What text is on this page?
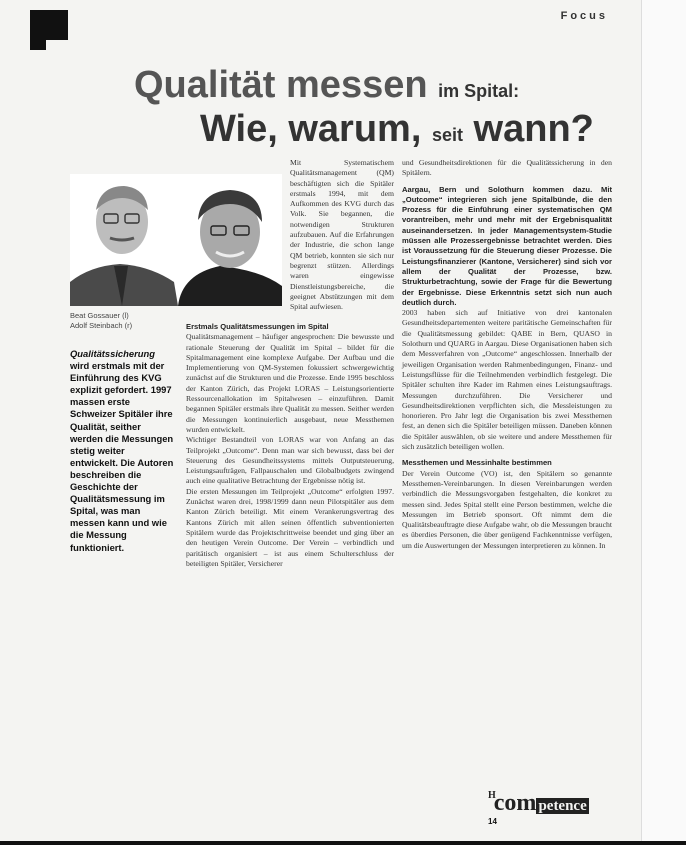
Focus
Qualität messen im Spital:
Wie, warum, seit wann?
Beat Gossauer (l)
Adolf Steinbach (r)
Qualitätssicherung wird erstmals mit der Einführung des KVG explizit gefordert. 1997 massen erste Schweizer Spitäler ihre Qualität, seither werden die Messungen stetig weiter entwickelt. Die Autoren beschreiben die Geschichte der Qualitätsmessung im Spital, was man messen kann und wie die Messung funktioniert.

Mit Systematischem Qualitätsmanagement (QM) beschäftigten sich die Spitäler erstmals 1994, mit dem Aufkommen des KVG durch das Volk. Sie begannen, die notwendigen Strukturen aufzubauen. Auf die Erfahrungen der Industrie, die schon lange QM betrieb, konnten sie sich nur begrenzt stützen. Allerdings waren eingewisse Dienstleistungsbereiche, die geeignet Abstützungen mit dem Spital aufwiesen.

Erstmals Qualitätsmessungen im Spital

Qualitätsmanagement – häufiger angesprochen: Die bewusste und rationale Steuerung der Qualität im Spital – bildet für die Spitalmanagement eine komplexe Aufgabe. Der Aufbau und die Implementierung von QM-Systemen fokussiert schwergewichtig zunächst auf die Strukturen und die Prozesse. Ende 1995 beschloss der Kanton Zürich, das Projekt LORAS – Leistungsorientierte Ressourcenallokation im Spitalwesen – einzuführen. Damit begannen Spitäler erstmals ihre Qualität zu messen. Seither werden die Messungen kontinuierlich ausgebaut, neue Messthemen wurden entwickelt.

Wichtiger Bestandteil von LORAS war von Anfang an das Teilprojekt „Outcome“. Denn man war sich bewusst, dass bei der Steuerung des Gesundheitssystems mittels Outputsteuerung, Leistungsaufträgen, Fallpauschalen und Globalbudgets zwingend auch eine qualitative Betrachtung der Ergebnisse nötig ist.

Die ersten Messungen im Teilprojekt „Outcome“ erfolgten 1997. Zunächst waren drei, 1998/1999 dann neun Pilotspitäler aus dem Kanton Zürich beteiligt. Mit einem Verankerungsvertrag des Kantons Zürich mit allen seinen öffentlich subventionierten Spitälern wurde das Projektschrittweise beendet und ging über an den heutigen Verein Outcome. Der Verein – verbindlich und paritätisch organisiert – ist aus einem Schulterschluss der beteiligten Spitäler, Versicherer

und Gesundheitsdirektionen für die Qualitätssicherung in den Spitälern.

Aargau, Bern und Solothurn kommen dazu. Mit „Outcome“ integrieren sich jene Spitalbünde, die den Prozess für die Einführung einer systematischen QM vorantreiben, mehr und mehr mit der Ergebnisqualität auseinandersetzen. In jeder Managementsystem-Studie müssen alle Prozessergebnisse betrachtet werden. Dies ist Voraussetzung für die Steuerung dieser Prozesse. Die Leistungsfinanzierer (Kantone, Versicherer) sind sich vor allem der Qualität der Prozesse, bzw. Strukturbetrachtung, sowie der Frage für die Bewertung der Ergebnisse. Diese Erkenntnis setzt sich nun auch deutlich durch.

2003 haben sich auf Initiative von drei kantonalen Gesundheitsdepartementen weitere paritätische Gemeinschaften für die Qualitätsmessung gebildet: QABE in Bern, QUASO in Solothurn und QUARG in Aargau. Diese Organisationen haben sich dem Messverfahren von „Outcome“ angeschlossen. Innerhalb der jeweiligen Organisation werden Rahmenbedingungen, Finanz- und Leistungsflüsse für die Teilnehmenden verbindlich festgelegt. Die Spitäler schulten ihre Kader im Rahmen eines Leistungsauftrags. Messungen durchzuführen. Die Versicherer und Gesundheitsdirektionen verpflichten sich, die Messleistungen zu honorieren. Pro Jahr legt die Organisation bis zwei Messthemen fest, an denen sich die Spitäler beteiligen müssen. Daneben können die Spitäler auswählen, ob sie weitere und andere Messthemen für sich zusätzlich beteiligen wollen.

Messthemen und Messinhalte bestimmen

Der Verein Outcome (VO) ist, den Spitälern so genannte Messthemen-Vereinbarungen. In diesen Vereinbarungen werden verbindlich die Messungsvorgaben festgehalten, die konkret zu messen sind. Jedes Spital stellt eine Person bestimmen, welche die Messungen im Betrieb sponsort. Oft nimmt dem die Qualitätsbeauftragte diese Aufgabe wahr, ob die Messungen braucht es überdies Personen, die über genügend Fachkenntnisse verfügen, um die Auswertungen der Messungen interpretieren zu können. In

$^H$com petence
14
